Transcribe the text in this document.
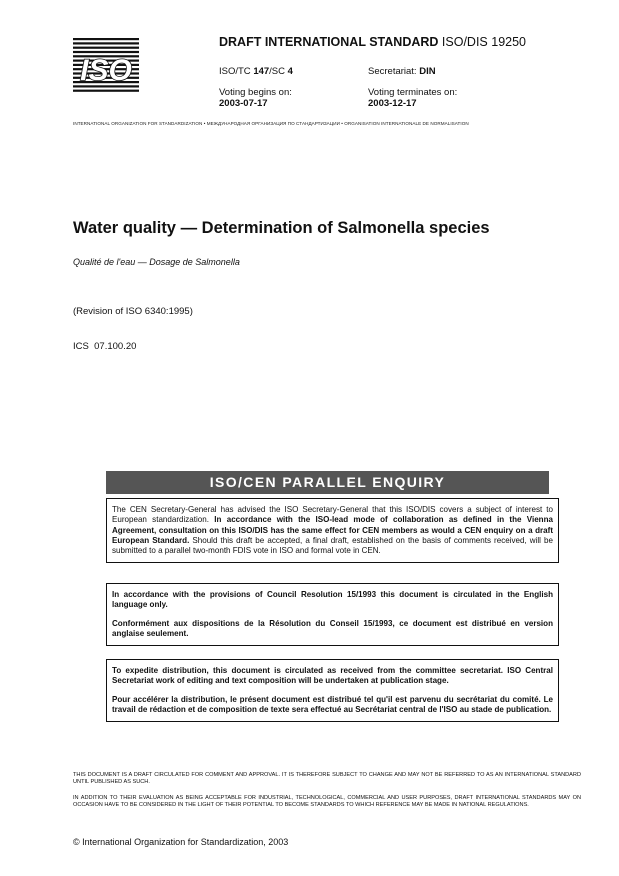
ISO
DRAFT INTERNATIONAL STANDARD ISO/DIS 19250
ISO/TC 147/SC 4	Secretariat: DIN
Voting begins on:
2003-07-17
Voting terminates on:
2003-12-17
INTERNATIONAL ORGANIZATION FOR STANDARDIZATION • МЕЖДУНАРОДНАЯ ОРГАНИЗАЦИЯ ПО СТАНДАРТИЗАЦИИ • ORGANISATION INTERNATIONALE DE NORMALISATION
Water quality — Determination of Salmonella species
Qualité de l'eau — Dosage de Salmonella
(Revision of ISO 6340:1995)
ICS 07.100.20
ISO/CEN PARALLEL ENQUIRY

The CEN Secretary-General has advised the ISO Secretary-General that this ISO/DIS covers a subject of interest to European standardization. In accordance with the ISO-lead mode of collaboration as defined in the Vienna Agreement, consultation on this ISO/DIS has the same effect for CEN members as would a CEN enquiry on a draft European Standard. Should this draft be accepted, a final draft, established on the basis of comments received, will be submitted to a parallel two-month FDIS vote in ISO and formal vote in CEN.

In accordance with the provisions of Council Resolution 15/1993 this document is circulated in the English language only.

Conformément aux dispositions de la Résolution du Conseil 15/1993, ce document est distribué en version anglaise seulement.

To expedite distribution, this document is circulated as received from the committee secretariat. ISO Central Secretariat work of editing and text composition will be undertaken at publication stage.

Pour accélérer la distribution, le présent document est distribué tel qu'il est parvenu du secrétariat du comité. Le travail de rédaction et de composition de texte sera effectué au Secrétariat central de l'ISO au stade de publication.

THIS DOCUMENT IS A DRAFT CIRCULATED FOR COMMENT AND APPROVAL. IT IS THEREFORE SUBJECT TO CHANGE AND MAY NOT BE REFERRED TO AS AN INTERNATIONAL STANDARD UNTIL PUBLISHED AS SUCH.
IN ADDITION TO THEIR EVALUATION AS BEING ACCEPTABLE FOR INDUSTRIAL, TECHNOLOGICAL, COMMERCIAL AND USER PURPOSES, DRAFT INTERNATIONAL STANDARDS MAY ON OCCASION HAVE TO BE CONSIDERED IN THE LIGHT OF THEIR POTENTIAL TO BECOME STANDARDS TO WHICH REFERENCE MAY BE MADE IN NATIONAL REGULATIONS.
© International Organization for Standardization, 2003
